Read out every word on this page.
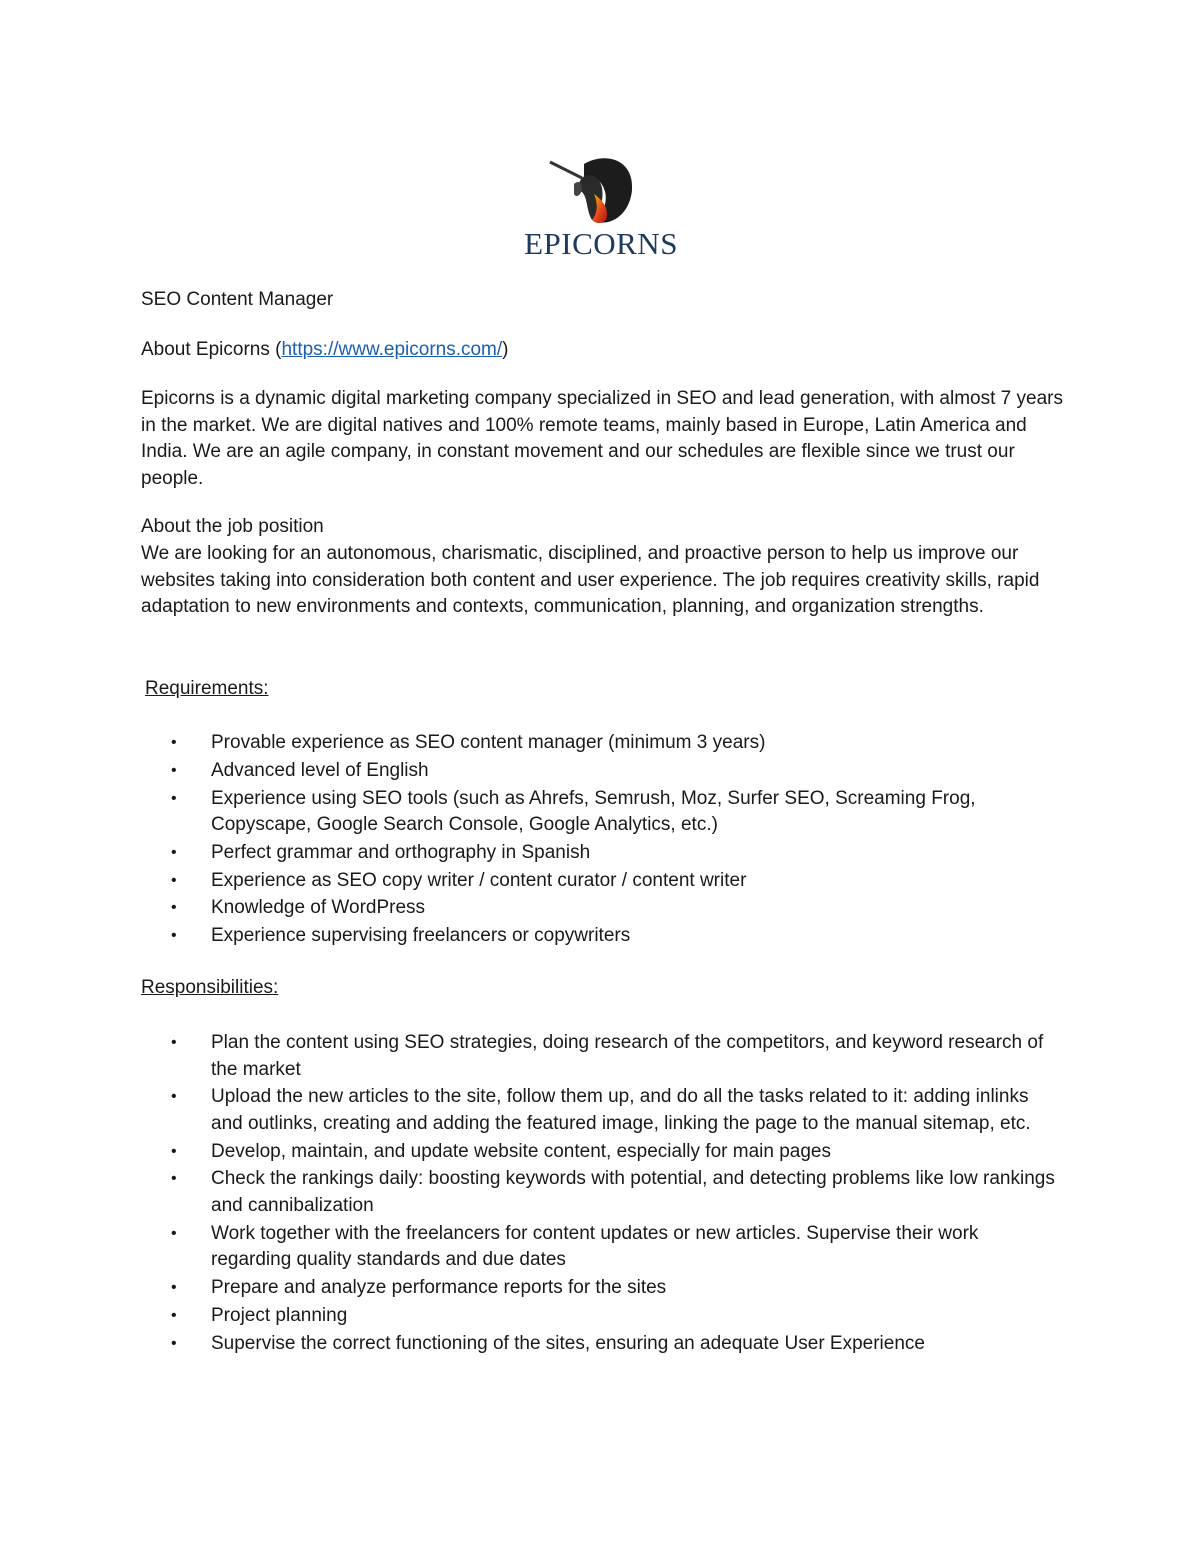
EPICORNS

SEO Content Manager

About Epicorns (https://www.epicorns.com/)

Epicorns is a dynamic digital marketing company specialized in SEO and lead generation, with almost 7 years in the market. We are digital natives and 100% remote teams, mainly based in Europe, Latin America and India. We are an agile company, in constant movement and our schedules are flexible since we trust our people.

About the job position

We are looking for an autonomous, charismatic, disciplined, and proactive person to help us improve our websites taking into consideration both content and user experience. The job requires creativity skills, rapid adaptation to new environments and contexts, communication, planning, and organization strengths.

Requirements:

• Provable experience as SEO content manager (minimum 3 years)
• Advanced level of English
• Experience using SEO tools (such as Ahrefs, Semrush, Moz, Surfer SEO, Screaming Frog, Copyscape, Google Search Console, Google Analytics, etc.)
• Perfect grammar and orthography in Spanish
• Experience as SEO copy writer / content curator / content writer
• Knowledge of WordPress
• Experience supervising freelancers or copywriters

Responsibilities:

• Plan the content using SEO strategies, doing research of the competitors, and keyword research of the market
• Upload the new articles to the site, follow them up, and do all the tasks related to it: adding inlinks and outlinks, creating and adding the featured image, linking the page to the manual sitemap, etc.
• Develop, maintain, and update website content, especially for main pages
• Check the rankings daily: boosting keywords with potential, and detecting problems like low rankings and cannibalization
• Work together with the freelancers for content updates or new articles. Supervise their work regarding quality standards and due dates
• Prepare and analyze performance reports for the sites
• Project planning
• Supervise the correct functioning of the sites, ensuring an adequate User Experience
